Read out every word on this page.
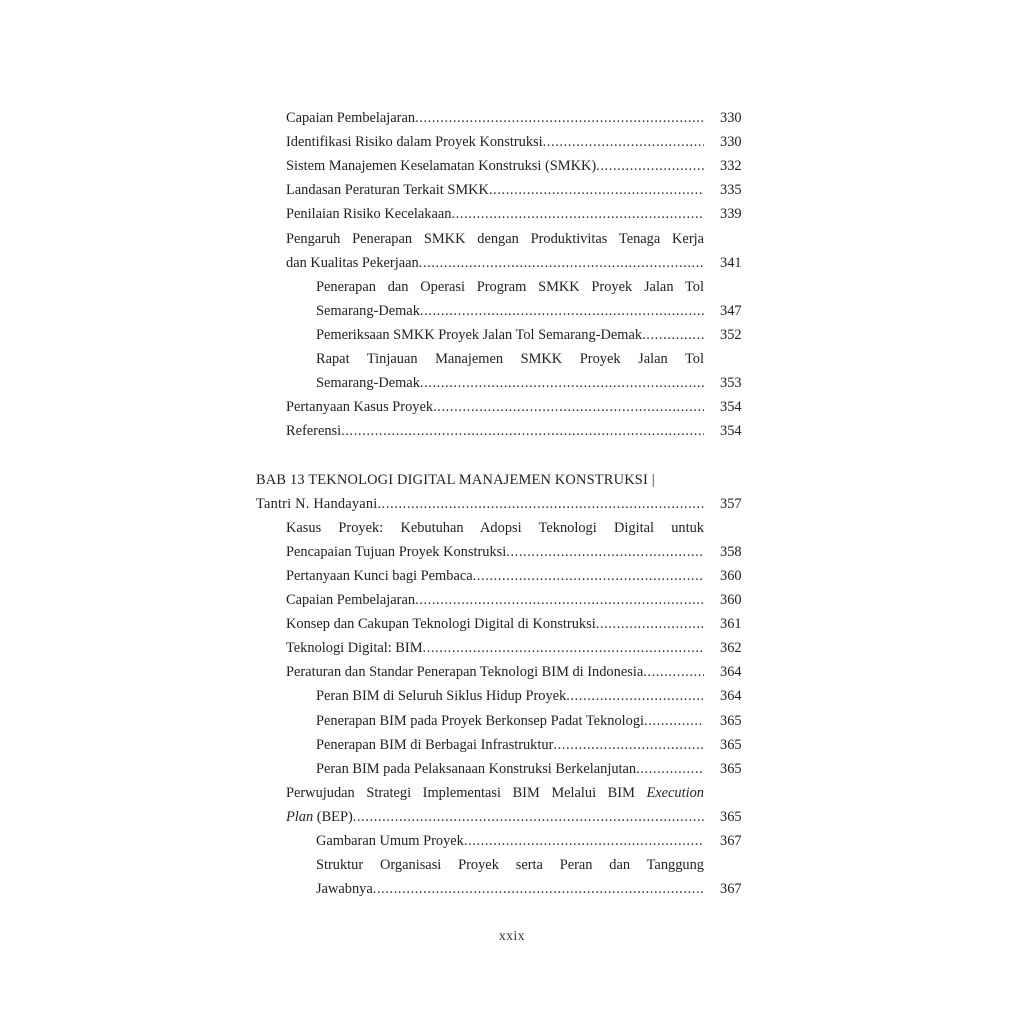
Capaian Pembelajaran .....	330
Identifikasi Risiko dalam Proyek Konstruksi .....	330
Sistem Manajemen Keselamatan Konstruksi (SMKK) .....	332
Landasan Peraturan Terkait SMKK .....	335
Penilaian Risiko Kecelakaan .....	339
Pengaruh Penerapan SMKK dengan Produktivitas Tenaga Kerja
dan Kualitas Pekerjaan .....	341
Penerapan dan Operasi Program SMKK Proyek Jalan Tol
Semarang-Demak .....	347
Pemeriksaan SMKK Proyek Jalan Tol Semarang-Demak .....	352
Rapat Tinjauan Manajemen SMKK Proyek Jalan Tol
Semarang-Demak .....	353
Pertanyaan Kasus Proyek .....	354
Referensi .....	354
BAB 13 TEKNOLOGI DIGITAL MANAJEMEN KONSTRUKSI |
Tantri N. Handayani .....	357
Kasus Proyek: Kebutuhan Adopsi Teknologi Digital untuk
Pencapaian Tujuan Proyek Konstruksi .....	358
Pertanyaan Kunci bagi Pembaca .....	360
Capaian Pembelajaran .....	360
Konsep dan Cakupan Teknologi Digital di Konstruksi .....	361
Teknologi Digital: BIM .....	362
Peraturan dan Standar Penerapan Teknologi BIM di Indonesia .....	364
Peran BIM di Seluruh Siklus Hidup Proyek .....	364
Penerapan BIM pada Proyek Berkonsep Padat Teknologi .....	365
Penerapan BIM di Berbagai Infrastruktur .....	365
Peran BIM pada Pelaksanaan Konstruksi Berkelanjutan .....	365
Perwujudan Strategi Implementasi BIM Melalui BIM Execution
Plan (BEP) .....	365
Gambaran Umum Proyek .....	367
Struktur Organisasi Proyek serta Peran dan Tanggung
Jawabnya .....	367
xxix
